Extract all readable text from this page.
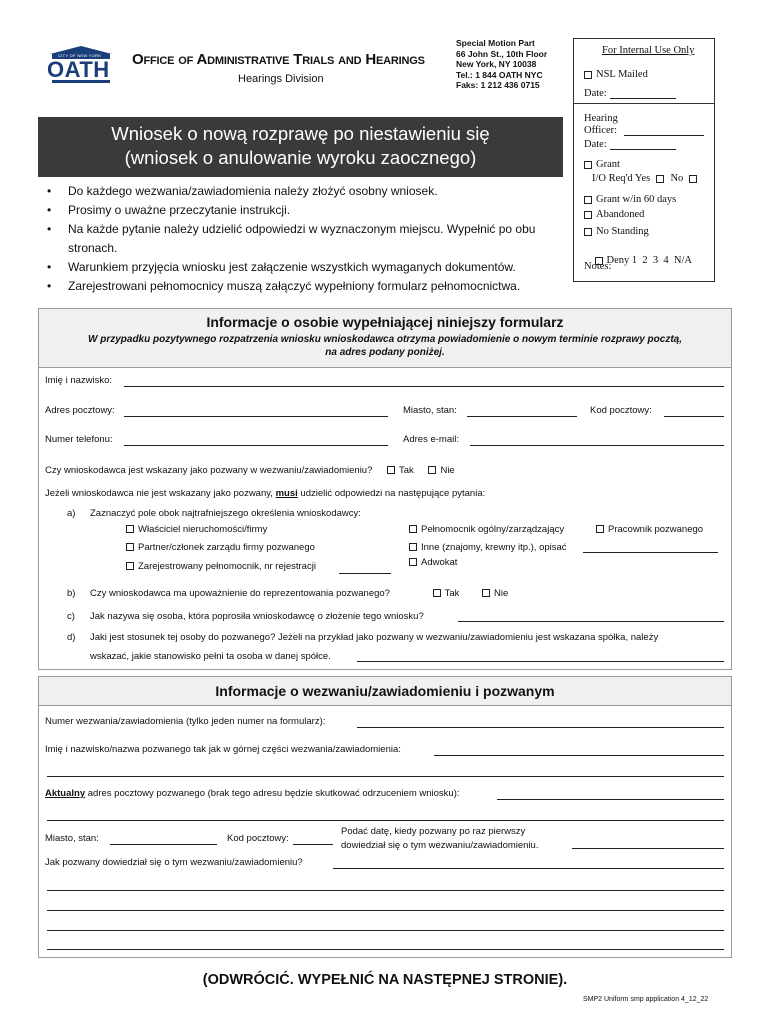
CITY OF NEW YORK
OATH Office of Administrative Trials and Hearings
Hearings Division
Special Motion Part
66 John St., 10th Floor
New York, NY 10038
Tel.: 1 844 OATH NYC
Faks: 1 212 436 0715
For Internal Use Only
NSL Mailed
Date:
Hearing
Officer:
Date:
Grant
I/O Req'd Yes No
Grant w/in 60 days
Abandoned
No Standing

Deny 1  2  3  4  N/A

Notes:
Wniosek o nową rozprawę po niestawieniu się
(wniosek o anulowanie wyroku zaocznego)
• Do każdego wezwania/zawiadomienia należy złożyć osobny wniosek.
• Prosimy o uważne przeczytanie instrukcji.
• Na każde pytanie należy udzielić odpowiedzi w wyznaczonym miejscu. Wypełnić po obu stronach.
• Warunkiem przyjęcia wniosku jest załączenie wszystkich wymaganych dokumentów.
• Zarejestrowani pełnomocnicy muszą załączyć wypełniony formularz pełnomocnictwa.
Informacje o osobie wypełniającej niniejszy formularz
W przypadku pozytywnego rozpatrzenia wniosku wnioskodawca otrzyma powiadomienie o nowym terminie rozprawy pocztą,
na adres podany poniżej.
Imię i nazwisko:
Adres pocztowy:	Miasto, stan:	Kod pocztowy:
Numer telefonu:	Adres e-mail:
Czy wnioskodawca jest wskazany jako pozwany w wezwaniu/zawiadomieniu?	Tak	Nie
Jeżeli wnioskodawca nie jest wskazany jako pozwany, musi udzielić odpowiedzi na następujące pytania:
a) Zaznaczyć pole obok najtrafniejszego określenia wnioskodawcy:
Właściciel nieruchomości/firmy
Partner/członek zarządu firmy pozwanego
Zarejestrowany pełnomocnik, nr rejestracji
Pełnomocnik ogólny/zarządzający	Pracownik pozwanego
Inne (znajomy, krewny itp.), opisać
Adwokat
b) Czy wnioskodawca ma upoważnienie do reprezentowania pozwanego?	Tak	Nie
c) Jak nazywa się osoba, która poprosiła wnioskodawcę o złożenie tego wniosku?
d) Jaki jest stosunek tej osoby do pozwanego? Jeżeli na przykład jako pozwany w wezwaniu/zawiadomieniu jest wskazana spółka, należy
wskazać, jakie stanowisko pełni ta osoba w danej spółce.
Informacje o wezwaniu/zawiadomieniu i pozwanym
Numer wezwania/zawiadomienia (tylko jeden numer na formularz):
Imię i nazwisko/nazwa pozwanego tak jak w górnej części wezwania/zawiadomienia:
Aktualny adres pocztowy pozwanego (brak tego adresu będzie skutkować odrzuceniem wniosku):
Miasto, stan:	Kod pocztowy:
Podać datę, kiedy pozwany po raz pierwszy
dowiedział się o tym wezwaniu/zawiadomieniu.
Jak pozwany dowiedział się o tym wezwaniu/zawiadomieniu?
(ODWRÓCIĆ. WYPEŁNIĆ NA NASTĘPNEJ STRONIE).
SMP2 Uniform smp application 4_12_22
